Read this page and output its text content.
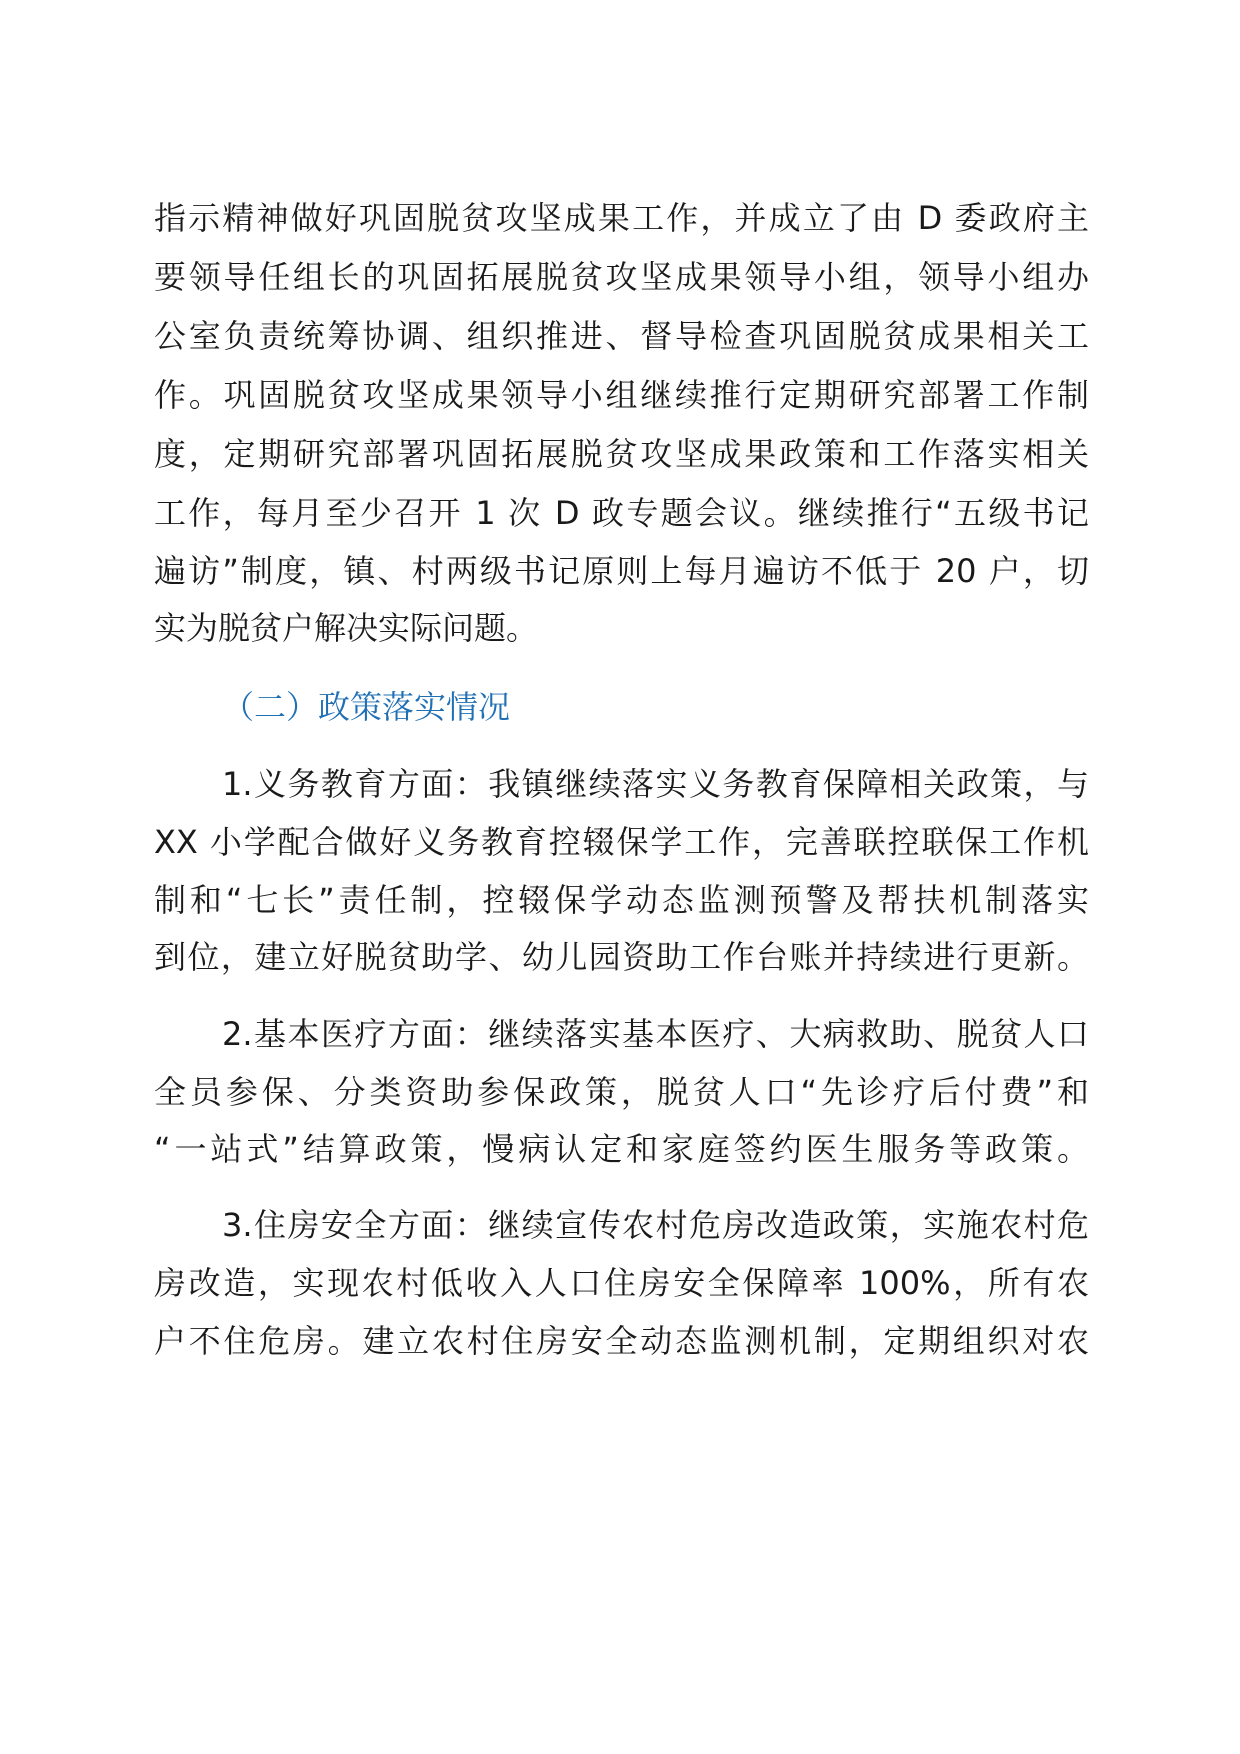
指示精神做好巩固脱贫攻坚成果工作，并成立了由 D 委政府主
要领导任组长的巩固拓展脱贫攻坚成果领导小组，领导小组办
公室负责统筹协调、组织推进、督导检查巩固脱贫成果相关工
作。巩固脱贫攻坚成果领导小组继续推行定期研究部署工作制
度，定期研究部署巩固拓展脱贫攻坚成果政策和工作落实相关
工作，每月至少召开 1 次 D 政专题会议。继续推行“五级书记
遍访”制度，镇、村两级书记原则上每月遍访不低于 20 户，切
实为脱贫户解决实际问题。
（二）政策落实情况
1.义务教育方面：我镇继续落实义务教育保障相关政策，与
XX 小学配合做好义务教育控辍保学工作，完善联控联保工作机
制和“七长”责任制，控辍保学动态监测预警及帮扶机制落实
到位，建立好脱贫助学、幼儿园资助工作台账并持续进行更新。
2.基本医疗方面：继续落实基本医疗、大病救助、脱贫人口
全员参保、分类资助参保政策，脱贫人口“先诊疗后付费”和
“一站式”结算政策，慢病认定和家庭签约医生服务等政策。
3.住房安全方面：继续宣传农村危房改造政策，实施农村危
房改造，实现农村低收入人口住房安全保障率 100%，所有农
户不住危房。建立农村住房安全动态监测机制，定期组织对农
